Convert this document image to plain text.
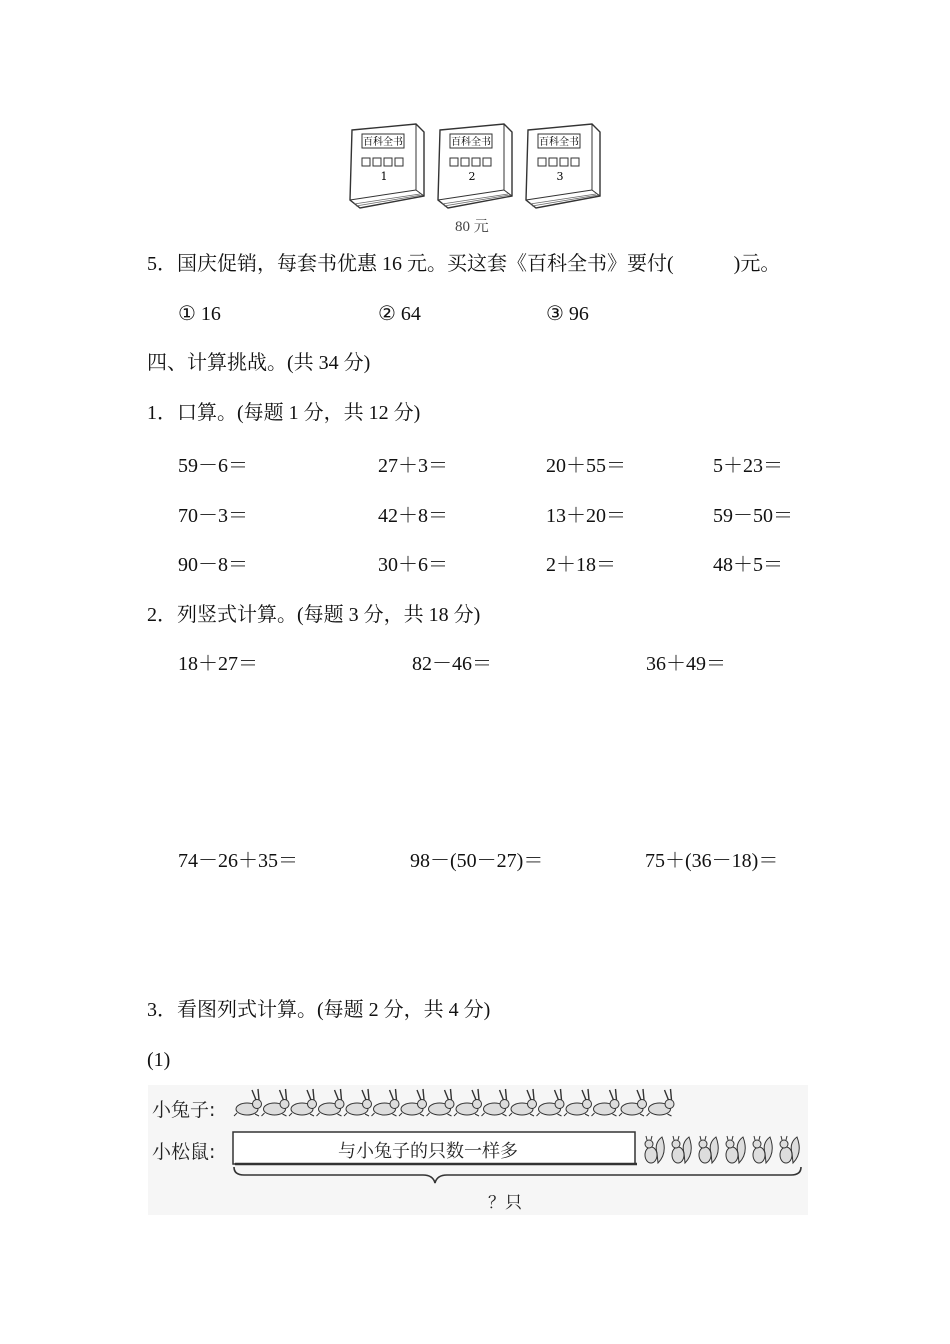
百科全书
1
百科全书
2
百科全书
3
80 元
5．国庆促销，每套书优惠 16 元。买这套《百科全书》要付(　　　)元。
① 16	② 64	③ 96
四、计算挑战。(共 34 分)
1．口算。(每题 1 分，共 12 分)
59－6＝	27＋3＝	20＋55＝	5＋23＝
70－3＝	42＋8＝	13＋20＝	59－50＝
90－8＝	30＋6＝	2＋18＝	48＋5＝
2．列竖式计算。(每题 3 分，共 18 分)
18＋27＝	82－46＝	36＋49＝
74－26＋35＝	98－(50－27)＝	75＋(36－18)＝
3．看图列式计算。(每题 2 分，共 4 分)
(1)
小兔子:
小松鼠:	与小兔子的只数一样多
？只
